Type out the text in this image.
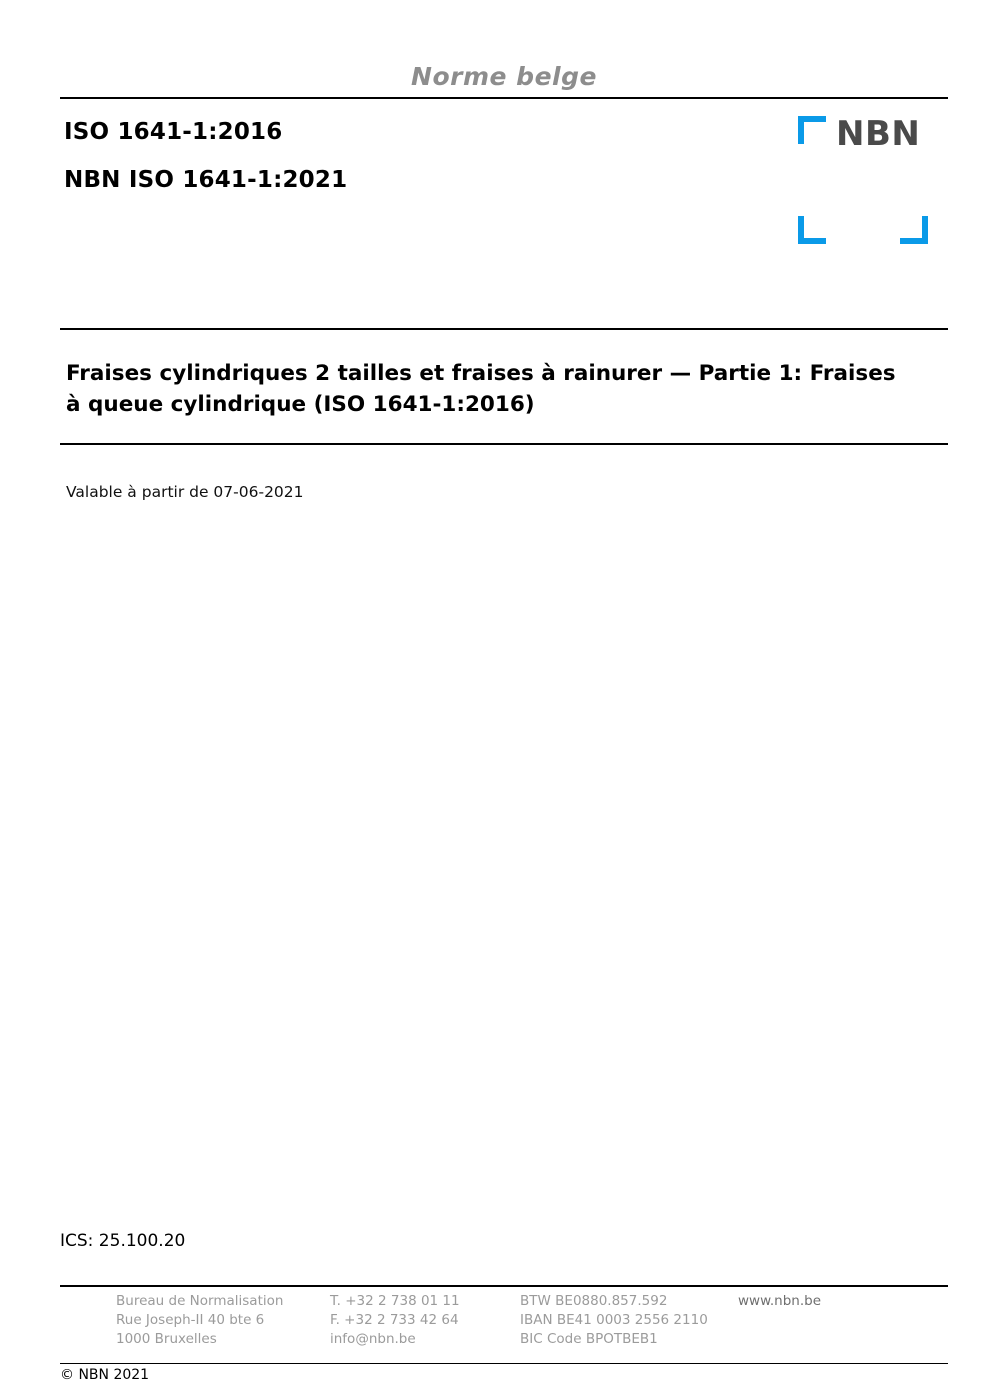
Norme belge
ISO 1641-1:2016
NBN ISO 1641-1:2021
NBN
Fraises cylindriques 2 tailles et fraises à rainurer — Partie 1: Fraises à queue cylindrique (ISO 1641-1:2016)
Valable à partir de 07-06-2021
ICS: 25.100.20
Bureau de Normalisation
Rue Joseph-II 40 bte 6
1000 Bruxelles
T. +32 2 738 01 11
F. +32 2 733 42 64
info@nbn.be
BTW BE0880.857.592
IBAN BE41 0003 2556 2110
BIC Code BPOTBEB1
www.nbn.be
© NBN 2021
